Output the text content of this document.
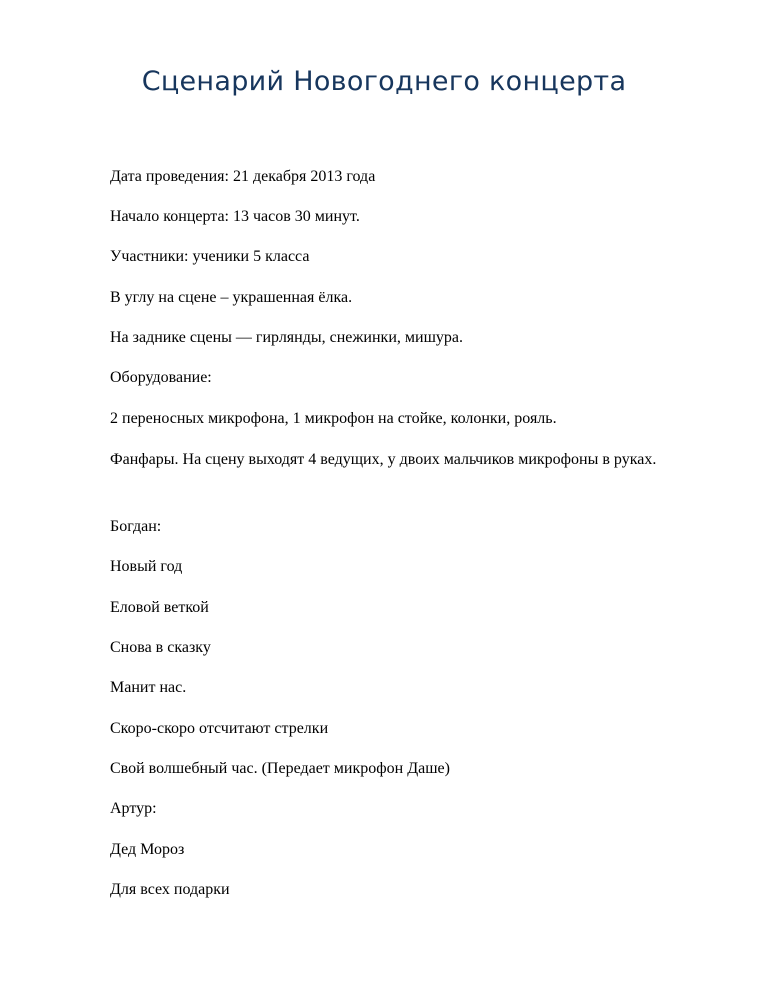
Сценарий Новогоднего концерта

Дата проведения: 21 декабря 2013 года

Начало концерта: 13 часов 30 минут.

Участники: ученики 5 класса

В углу на сцене – украшенная ёлка.

На заднике сцены — гирлянды, снежинки, мишура.

Оборудование:

2 переносных микрофона, 1 микрофон на стойке, колонки, рояль.

Фанфары. На сцену выходят 4 ведущих, у двоих мальчиков микрофоны в руках.

Богдан:

Новый год

Еловой веткой

Снова в сказку

Манит нас.

Скоро-скоро отсчитают стрелки

Свой волшебный час. (Передает микрофон Даше)

Артур:

Дед Мороз

Для всех подарки
